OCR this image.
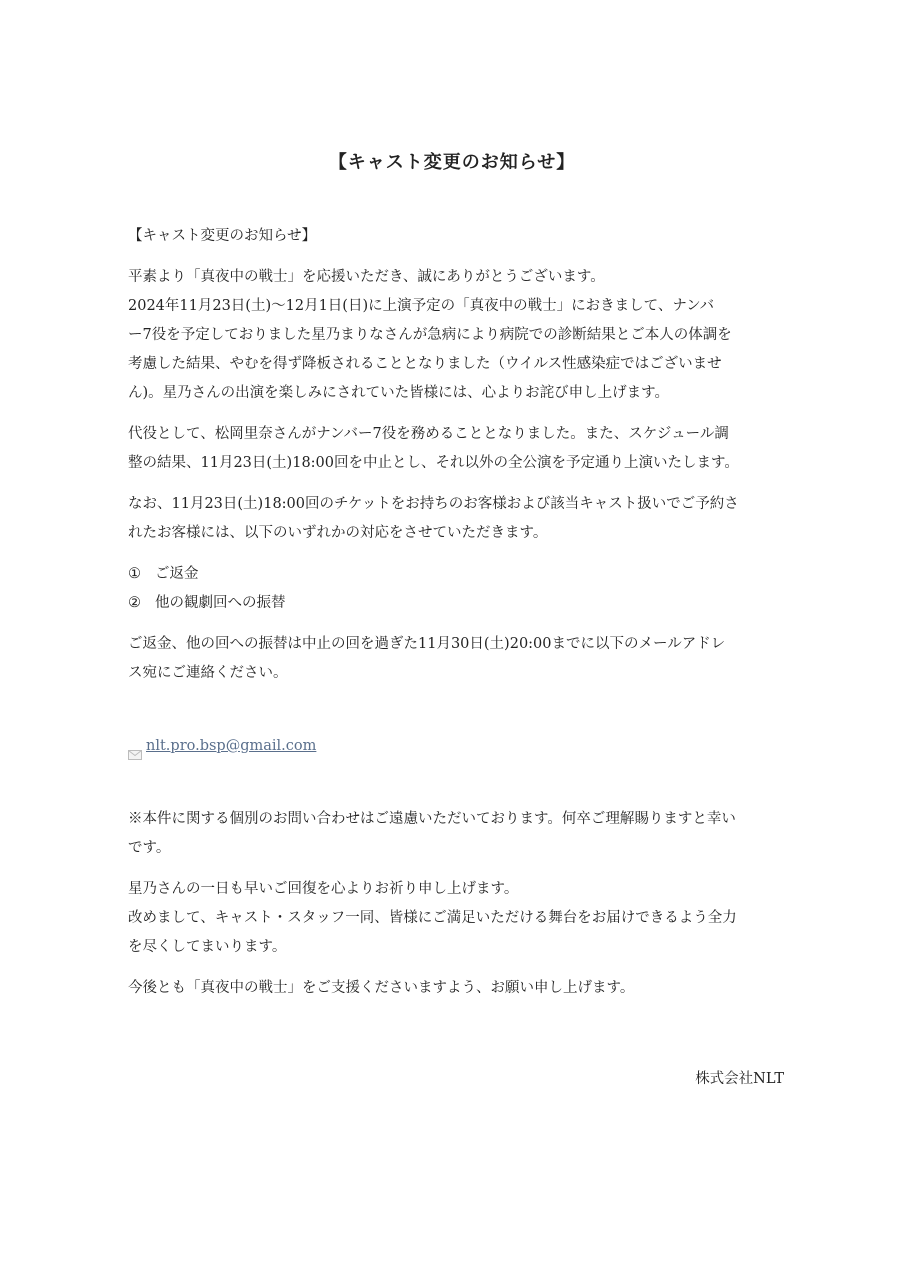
【キャスト変更のお知らせ】

【キャスト変更のお知らせ】

平素より「真夜中の戦士」を応援いただき、誠にありがとうございます。

2024年11月23日(土)〜12月1日(日)に上演予定の「真夜中の戦士」におきまして、ナンバ

ー7役を予定しておりました星乃まりなさんが急病により病院での診断結果とご本人の体調を

考慮した結果、やむを得ず降板されることとなりました（ウイルス性感染症ではございませ

ん)。星乃さんの出演を楽しみにされていた皆様には、心よりお詫び申し上げます。

代役として、松岡里奈さんがナンバー7役を務めることとなりました。また、スケジュール調

整の結果、11月23日(土)18:00回を中止とし、それ以外の全公演を予定通り上演いたします。

なお、11月23日(土)18:00回のチケットをお持ちのお客様および該当キャスト扱いでご予約さ

れたお客様には、以下のいずれかの対応をさせていただきます。

① ご返金
② 他の観劇回への振替

ご返金、他の回への振替は中止の回を過ぎた11月30日(土)20:00までに以下のメールアドレ

ス宛にご連絡ください。

nlt.pro.bsp@gmail.com

※本件に関する個別のお問い合わせはご遠慮いただいております。何卒ご理解賜りますと幸い

です。

星乃さんの一日も早いご回復を心よりお祈り申し上げます。

改めまして、キャスト・スタッフ一同、皆様にご満足いただける舞台をお届けできるよう全力

を尽くしてまいります。

今後とも「真夜中の戦士」をご支援くださいますよう、お願い申し上げます。

株式会社NLT
